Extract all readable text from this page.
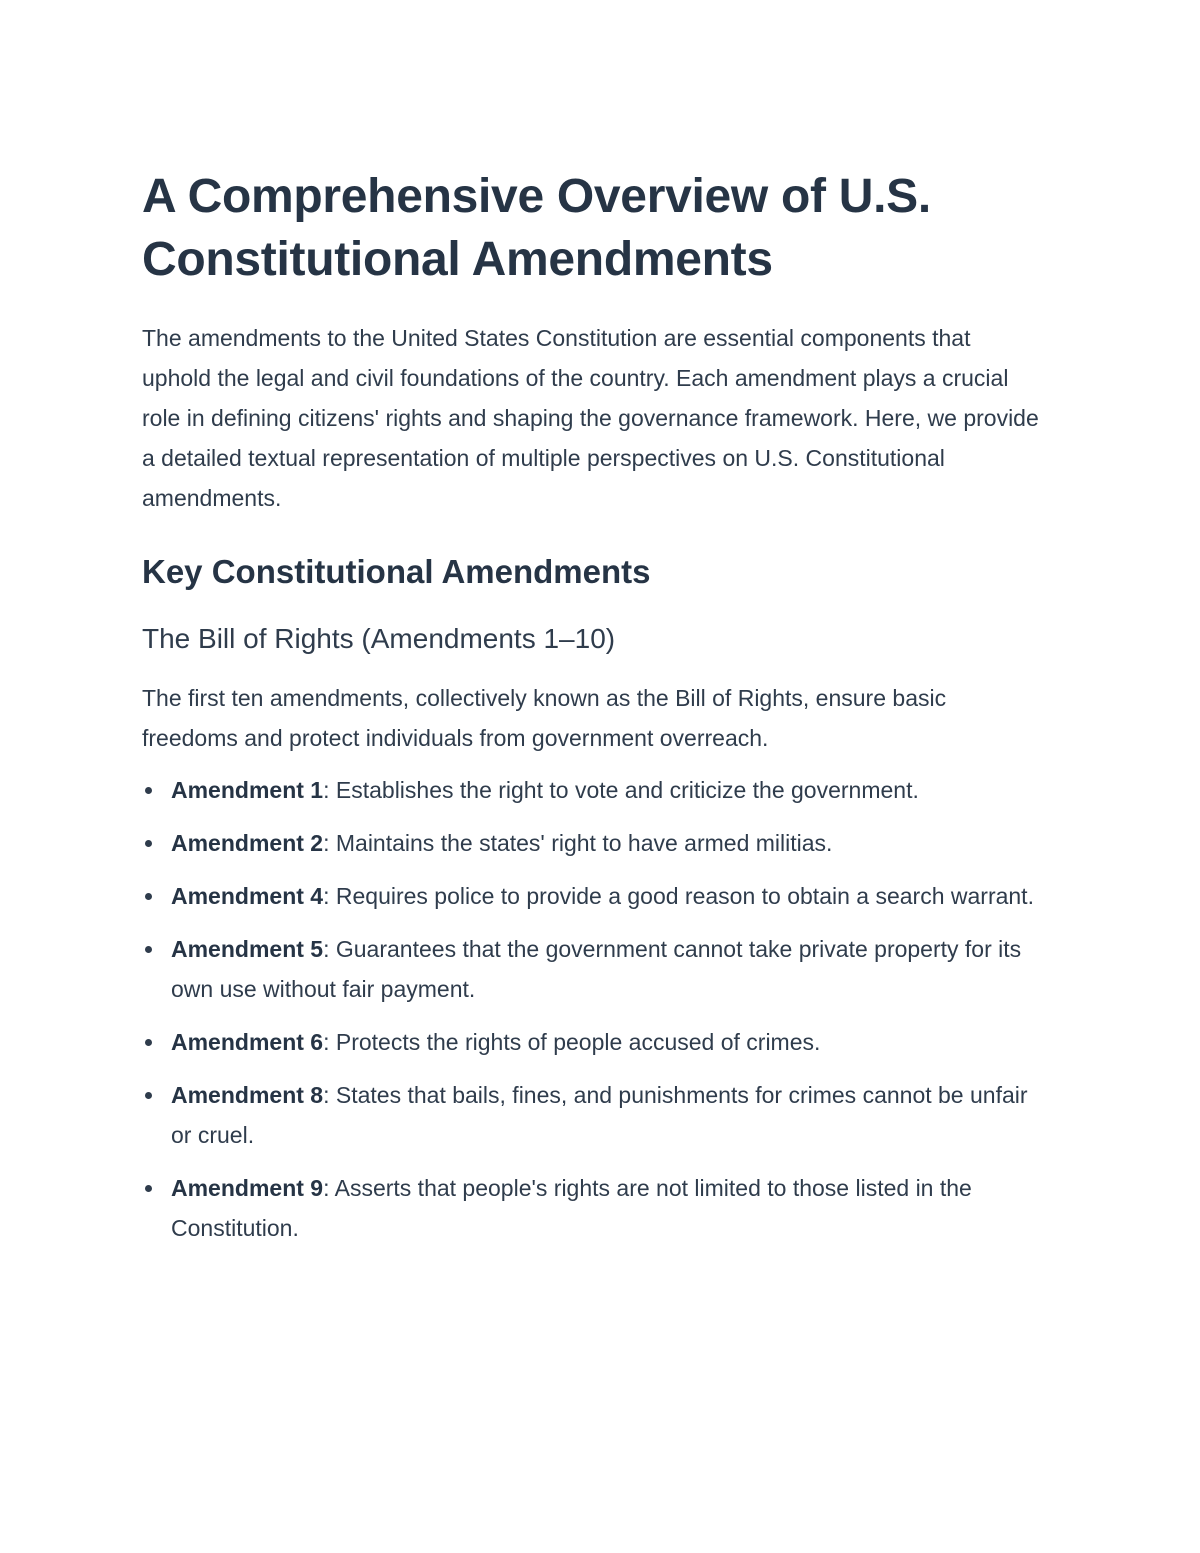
A Comprehensive Overview of U.S. Constitutional Amendments

The amendments to the United States Constitution are essential components that uphold the legal and civil foundations of the country. Each amendment plays a crucial role in defining citizens' rights and shaping the governance framework. Here, we provide a detailed textual representation of multiple perspectives on U.S. Constitutional amendments.

Key Constitutional Amendments
The Bill of Rights (Amendments 1–10)

The first ten amendments, collectively known as the Bill of Rights, ensure basic freedoms and protect individuals from government overreach.

Amendment 1: Establishes the right to vote and criticize the government.
Amendment 2: Maintains the states' right to have armed militias.
Amendment 4: Requires police to provide a good reason to obtain a search warrant.
Amendment 5: Guarantees that the government cannot take private property for its own use without fair payment.
Amendment 6: Protects the rights of people accused of crimes.
Amendment 8: States that bails, fines, and punishments for crimes cannot be unfair or cruel.
Amendment 9: Asserts that people's rights are not limited to those listed in the Constitution.
